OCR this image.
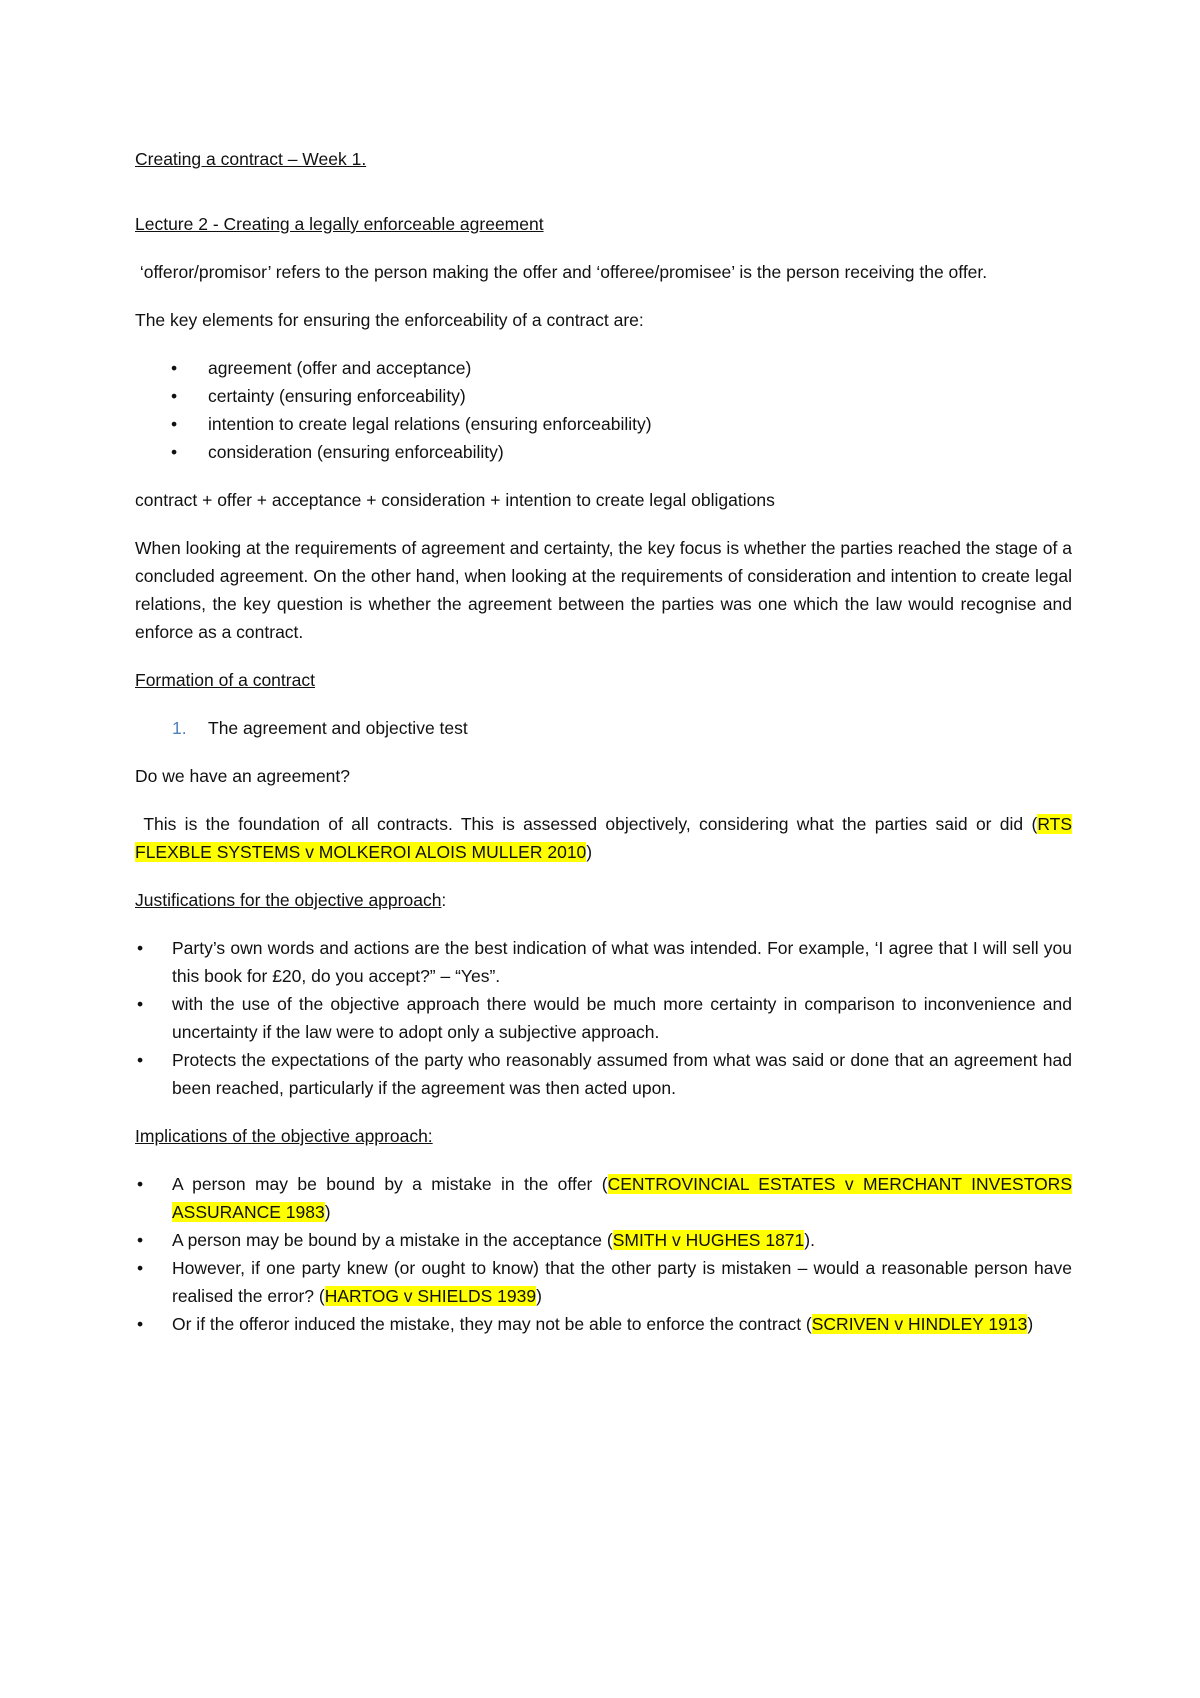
Creating a contract – Week 1.

Lecture 2 - Creating a legally enforceable agreement

‘offeror/promisor’ refers to the person making the offer and ‘offeree/promisee’ is the person receiving the offer.

The key elements for ensuring the enforceability of a contract are:

• agreement (offer and acceptance)
• certainty (ensuring enforceability)
• intention to create legal relations (ensuring enforceability)
• consideration (ensuring enforceability)

contract + offer + acceptance + consideration + intention to create legal obligations

When looking at the requirements of agreement and certainty, the key focus is whether the parties reached the stage of a concluded agreement. On the other hand, when looking at the requirements of consideration and intention to create legal relations, the key question is whether the agreement between the parties was one which the law would recognise and enforce as a contract.

Formation of a contract

1. The agreement and objective test

Do we have an agreement?

This is the foundation of all contracts. This is assessed objectively, considering what the parties said or did (RTS FLEXBLE SYSTEMS v MOLKEROI ALOIS MULLER 2010)

Justifications for the objective approach:

• Party’s own words and actions are the best indication of what was intended. For example, ‘I agree that I will sell you this book for £20, do you accept?” – “Yes”.
• with the use of the objective approach there would be much more certainty in comparison to inconvenience and uncertainty if the law were to adopt only a subjective approach.
• Protects the expectations of the party who reasonably assumed from what was said or done that an agreement had been reached, particularly if the agreement was then acted upon.

Implications of the objective approach:

• A person may be bound by a mistake in the offer (CENTROVINCIAL ESTATES v MERCHANT INVESTORS ASSURANCE 1983)
• A person may be bound by a mistake in the acceptance (SMITH v HUGHES 1871).
• However, if one party knew (or ought to know) that the other party is mistaken – would a reasonable person have realised the error? (HARTOG v SHIELDS 1939)
• Or if the offeror induced the mistake, they may not be able to enforce the contract (SCRIVEN v HINDLEY 1913)
